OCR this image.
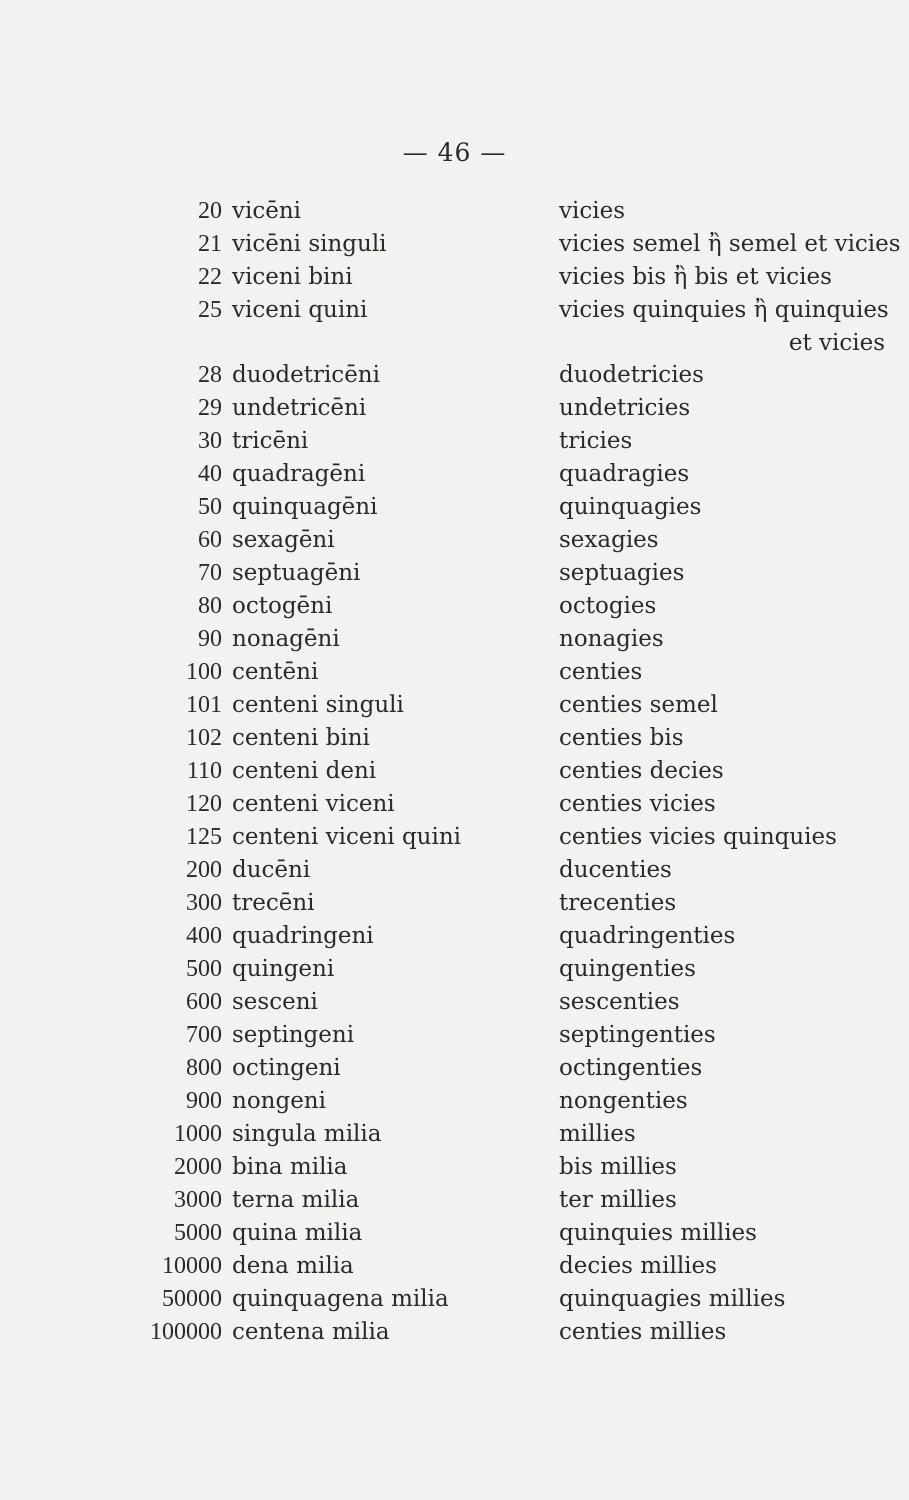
— 46 —
20 vicēni	vicies
21 vicēni singuli	vicies semel ἢ semel et vicies
22 viceni bini	vicies bis ἢ bis et vicies
25 viceni quini	vicies quinquies ἢ quinquies
et vicies
28 duodetricēni	duodetricies
29 undetricēni	undetricies
30 tricēni	tricies
40 quadragēni	quadragies
50 quinquagēni	quinquagies
60 sexagēni	sexagies
70 septuagēni	septuagies
80 octogēni	octogies
90 nonagēni	nonagies
100 centēni	centies
101 centeni singuli	centies semel
102 centeni bini	centies bis
110 centeni deni	centies decies
120 centeni viceni	centies vicies
125 centeni viceni quini	centies vicies quinquies
200 ducēni	ducenties
300 trecēni	trecenties
400 quadringeni	quadringenties
500 quingeni	quingenties
600 sesceni	sescenties
700 septingeni	septingenties
800 octingeni	octingenties
900 nongeni	nongenties
1000 singula milia	millies
2000 bina milia	bis millies
3000 terna milia	ter millies
5000 quina milia	quinquies millies
10000 dena milia	decies millies
50000 quinquagena milia	quinquagies millies
100000 centena milia	centies millies
